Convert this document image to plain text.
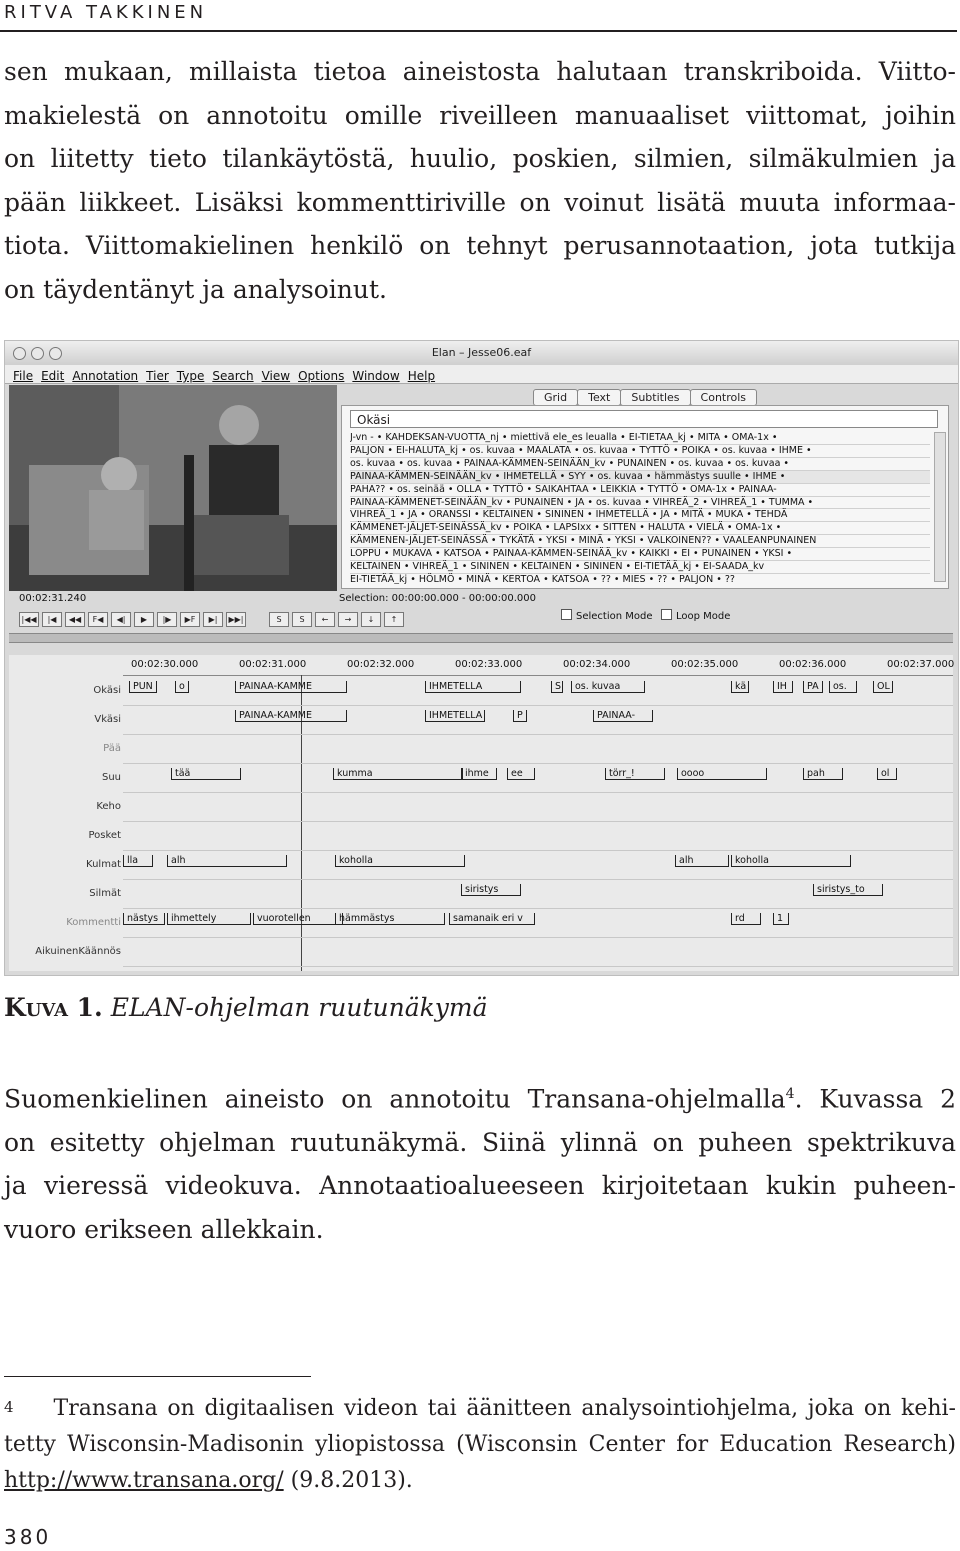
RITVA TAKKINEN
sen mukaan, millaista tietoa aineistosta halutaan transkriboida. Viitto-
makielestä on annotoitu omille riveilleen manuaaliset viittomat, joihin
on liitetty tieto tilankäytöstä, huulio, poskien, silmien, silmäkulmien ja
pään liikkeet. Lisäksi kommenttiriville on voinut lisätä muuta informaa-
tiota. Viittomakielinen henkilö on tehnyt perusannotaation, jota tutkija
on täydentänyt ja analysoinut.
Elan – Jesse06.eaf
File Edit Annotation Tier Type Search View Options Window Help
00:02:31.240	Selection: 00:00:00.000 - 00:00:00.000
Grid Text Subtitles Controls
Okäsi
J-vn - • KAHDEKSAN-VUOTTA_nj • miettivä ele_es leualla • EI-TIETÄÄ_kj • MITÄ • OMA-1x •
PALJON • EI-HALUTA_kj • os. kuvaa • MAALATA • os. kuvaa • TYTTÖ • POIKA • os. kuvaa • IHME •
os. kuvaa • os. kuvaa • PAINAA-KÄMMEN-SEINÄÄN_kv • PUNAINEN • os. kuvaa • os. kuvaa •
PAINAA-KÄMMEN-SEINÄÄN_kv • IHMETELLÄ • SYY • os. kuvaa • hämmästys suulle • IHME •
PAHA?? • os. seinää • OLLA • TYTTÖ • SAIKAHTAA • LEIKKIA • TYTTÖ • OMA-1x • PAINAA-
PAINAA-KÄMMENET-SEINÄÄN_kv • PUNAINEN • JA • os. kuvaa • VIHREÄ_2 • VIHREÄ_1 • TUMMA •
VIHREÄ_1 • JA • ORANSSI • KELTAINEN • SININEN • IHMETELLÄ • JA • MITÄ • MUKA • TEHDÄ
KÄMMENET-JÄLJET-SEINÄSSÄ_kv • POIKA • LAPSIxx • SITTEN • HALUTA • VIELÄ • OMA-1x •
KÄMMENEN-JÄLJET-SEINÄSSÄ • TYKÄTÄ • YKSI • MINÄ • YKSI • VALKOINEN?? • VAALEANPUNAINEN
LOPPU • MUKAVA • KATSOA • PAINAA-KÄMMEN-SEINÄÄ_kv • KAIKKI • EI • PUNAINEN • YKSI •
KELTAINEN • VIHREÄ_1 • SININEN • KELTAINEN • SININEN • EI-TIETÄÄ_kj • EI-SAADA_kv
EI-TIETÄÄ_kj • HÖLMÖ • MINÄ • KERTOA • KATSOA • ?? • MIES • ?? • PALJON • ??
|◀◀ |◀ ◀◀ F◀ ◀| ▶ |▶ ▶F ▶| ▶▶|	S S ← → ↓ ↑	Selection Mode	Loop Mode
00:02:30.000	00:02:31.000	00:02:32.000	00:02:33.000	00:02:34.000	00:02:35.000	00:02:36.000	00:02:37.000
Okäsi	PUN	o	PAINAA-KÄMME	IHMETELLÄ	S	os. kuvaa	kä	IH	PA	os.	OL
Vkäsi	PAINAA-KÄMME	IHMETELLÄ	P	PAINAA-
Pää
Suu	tää	kumma	ihme	ee	törr_!	oooo	pah	ol
Keho
Posket
Kulmat lla	alh	koholla	alh	koholla
Silmät	siristys	siristys_to
Kommentti nästys	ihmettely	vuorotellen	hämmästys	samanaik eri v	rd	1
AikuinenKäännös
Kuva 1. ELAN-ohjelman ruutunäkymä
Suomenkielinen aineisto on annotoitu Transana-ohjelmalla$^4$. Kuvassa 2
on esitetty ohjelman ruutunäkymä. Siinä ylinnä on puheen spektrikuva
ja vieressä videokuva. Annotaatioalueeseen kirjoitetaan kukin puheen-
vuoro erikseen allekkain.
$^4$ Transana on digitaalisen videon tai äänitteen analysointiohjelma, joka on kehi-
tetty Wisconsin-Madisonin yliopistossa (Wisconsin Center for Education Research)
http://www.transana.org/ (9.8.2013).
380
